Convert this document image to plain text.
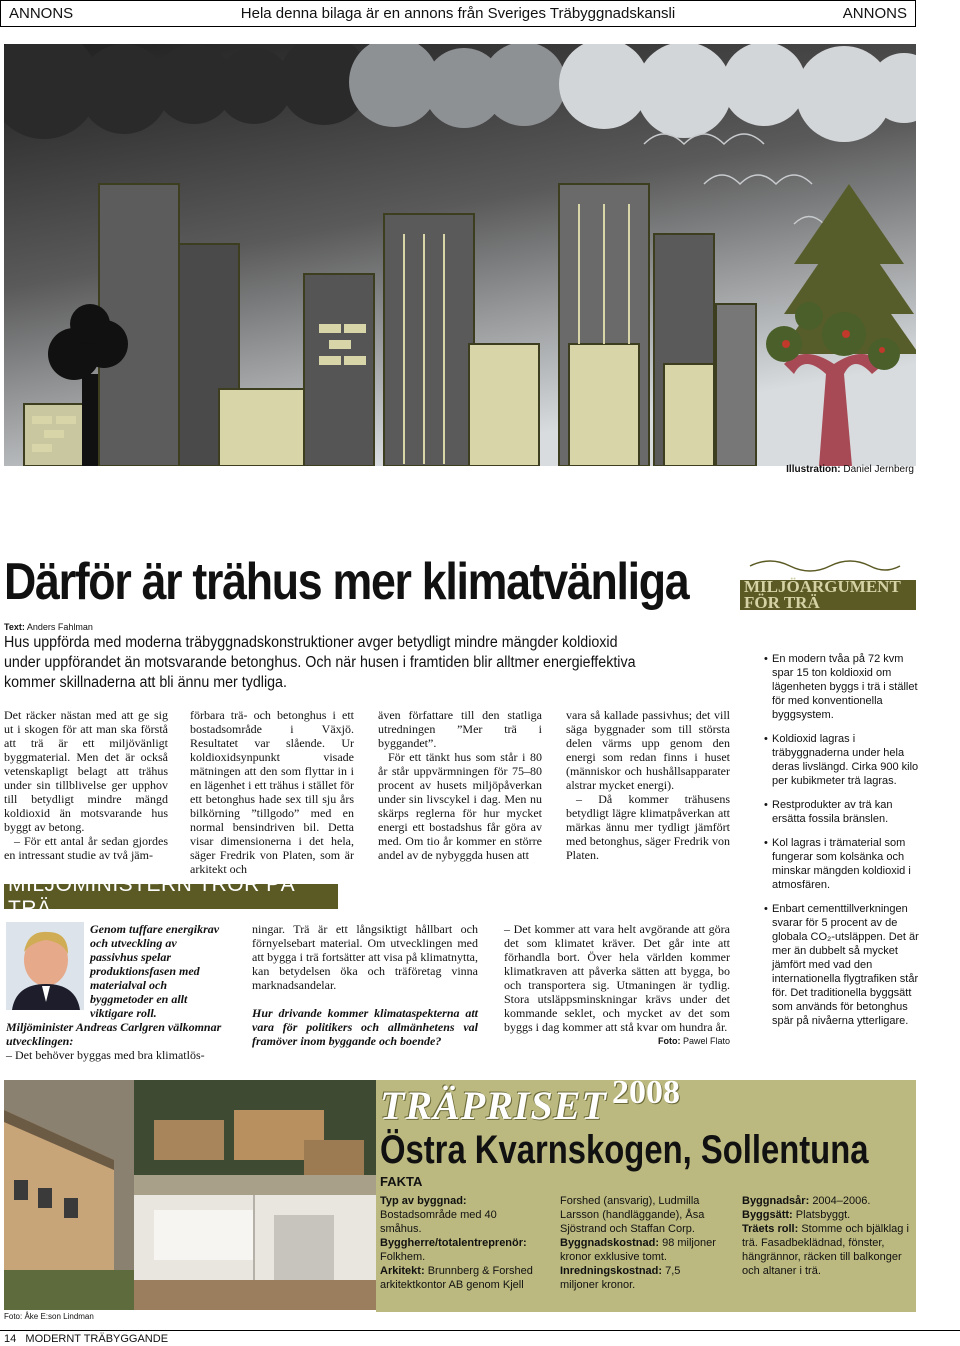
ANNONS	Hela denna bilaga är en annons från Sveriges Träbyggnadskansli	ANNONS
Illustration: Daniel Jernberg
Därför är trähus mer klimatvänliga
Text: Anders Fahlman
Hus uppförda med moderna träbyggnadskonstruktioner avger betydligt mindre mängder koldioxid under uppförandet än motsvarande betonghus. Och när husen i framtiden blir alltmer energieffektiva kommer skillnaderna att bli ännu mer tydliga.

Det räcker nästan med att ge sig ut i skogen för att man ska förstå att trä är ett miljövänligt byggmaterial. Men det är också vetenskapligt belagt att trähus under sin tillblivelse ger upphov till betydligt mindre mängd koldioxid än motsvarande hus byggt av betong.

– För ett antal år sedan gjordes en intressant studie av två jäm-

förbara trä- och betonghus i ett bostadsområde i Växjö. Resultatet var slående. Ur koldioxidsynpunkt visade mätningen att den som flyttar in i en lägenhet i ett trähus i stället för ett betonghus hade sex till sju års bilkörning ”tillgodo” med en normal bensindriven bil. Detta visar dimensionerna i det hela, säger Fredrik von Platen, som är arkitekt och

även författare till den statliga utredningen ”Mer trä i byggandet”.

För ett tänkt hus som står i 80 år står uppvärmningen för 75–80 procent av husets miljöpåverkan under sin livscykel i dag. Men nu skärps reglerna för hur mycket energi ett bostadshus får göra av med. Om tio år kommer en större andel av de nybyggda husen att

vara så kallade passivhus; det vill säga byggnader som till största delen värms upp genom den energi som redan finns i huset (människor och hushållsapparater alstrar mycket energi).

– Då kommer trähusens betydligt lägre klimatpåverkan att märkas ännu mer tydligt jämfört med betonghus, säger Fredrik von Platen.

MILJÖMINISTERN TROR PÅ TRÄ
Genom tuffare energikrav och utveckling av passivhus spelar produktionsfasen med materialval och byggmetoder en allt viktigare roll. Miljöminister Andreas Carlgren välkomnar utvecklingen:
– Det behöver byggas med bra klimatlös-

ningar. Trä är ett långsiktigt hållbart och förnyelsebart material. Om utvecklingen med att bygga i trä fortsätter att visa på klimatnytta, kan betydelsen öka och träföretag vinna marknadsandelar.

Hur drivande kommer klimataspekterna att vara för politikers och allmänhetens val framöver inom byggande och boende?

– Det kommer att vara helt avgörande att göra det som klimatet kräver. Det går inte att förhandla bort. Över hela världen kommer klimatkraven att påverka sätten att bygga, bo och transportera sig. Utmaningen är tydlig. Stora utsläppsminskningar krävs under det kommande seklet, och mycket av det som byggs i dag kommer att stå kvar om hundra år.

Foto: Pawel Flato

MILJÖARGUMENT
FÖR TRÄ
• En modern tvåa på 72 kvm spar 15 ton koldioxid om lägenheten byggs i trä i stället för med konventionella byggsystem.
• Koldioxid lagras i träbyggnaderna under hela deras livslängd. Cirka 900 kilo per kubikmeter trä lagras.
• Restprodukter av trä kan ersätta fossila bränslen.
• Kol lagras i trämaterial som fungerar som kolsänka och minskar mängden koldioxid i atmosfären.
• Enbart cementtillverkningen svarar för 5 procent av de globala CO₂-utsläppen. Det är mer än dubbelt så mycket jämfört med vad den internationella flygtrafiken står för. Det traditionella byggsätt som används för betonghus spär på nivåerna ytterligare.
Foto: Åke E:son Lindman
TRÄPRISET 2008
Östra Kvarnskogen, Sollentuna
FAKTA
Typ av byggnad:
Bostadsområde med 40 småhus.
Byggherre/totalentreprenör:
Folkhem.
Arkitekt: Brunnberg & Forshed arkitektkontor AB genom Kjell
Forshed (ansvarig), Ludmilla Larsson (handläggande), Åsa Sjöstrand och Staffan Corp.
Byggnadskostnad: 98 miljoner kronor exklusive tomt.
Inredningskostnad: 7,5 miljoner kronor.
Byggnadsår: 2004–2006.
Byggsätt: Platsbyggt.
Träets roll: Stomme och bjälklag i trä. Fasadbeklädnad, fönster, hängrännor, räcken till balkonger och altaner i trä.
14 MODERNT TRÄBYGGANDE
